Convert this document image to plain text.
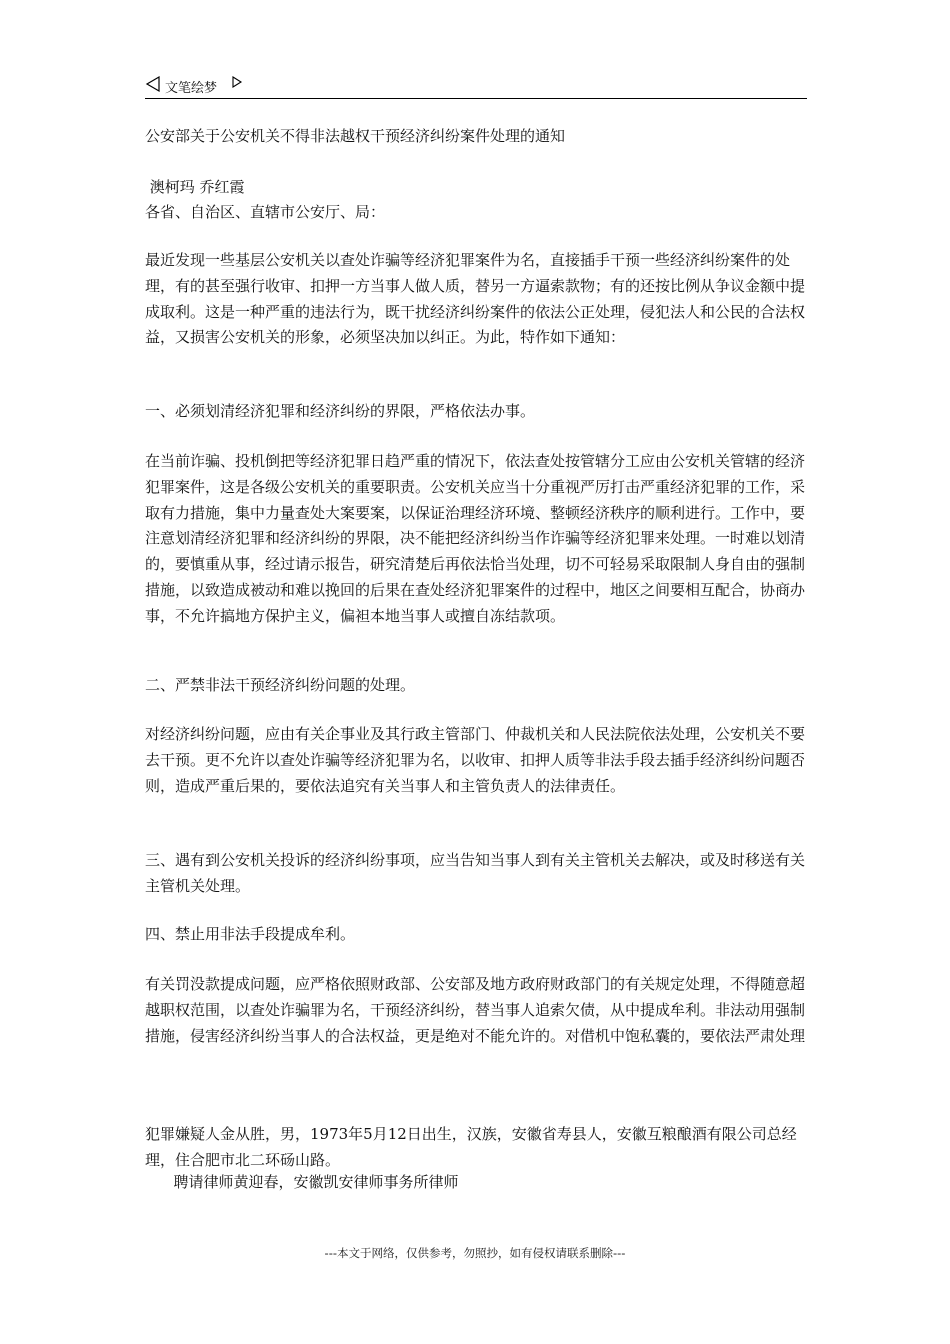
文笔绘梦

公安部关于公安机关不得非法越权干预经济纠纷案件处理的通知

澳柯玛 乔红霞

各省、自治区、直辖市公安厅、局：

最近发现一些基层公安机关以查处诈骗等经济犯罪案件为名，直接插手干预一些经济纠纷案件的处理，有的甚至强行收审、扣押一方当事人做人质，替另一方逼索款物；有的还按比例从争议金额中提成取利。这是一种严重的违法行为，既干扰经济纠纷案件的依法公正处理，侵犯法人和公民的合法权益，又损害公安机关的形象，必须坚决加以纠正。为此，特作如下通知：

一、必须划清经济犯罪和经济纠纷的界限，严格依法办事。

在当前诈骗、投机倒把等经济犯罪日趋严重的情况下，依法查处按管辖分工应由公安机关管辖的经济犯罪案件，这是各级公安机关的重要职责。公安机关应当十分重视严厉打击严重经济犯罪的工作，采取有力措施，集中力量查处大案要案，以保证治理经济环境、整顿经济秩序的顺利进行。工作中，要注意划清经济犯罪和经济纠纷的界限，决不能把经济纠纷当作诈骗等经济犯罪来处理。一时难以划清的，要慎重从事，经过请示报告，研究清楚后再依法恰当处理，切不可轻易采取限制人身自由的强制措施，以致造成被动和难以挽回的后果在查处经济犯罪案件的过程中，地区之间要相互配合，协商办事，不允许搞地方保护主义，偏袒本地当事人或擅自冻结款项。

二、严禁非法干预经济纠纷问题的处理。

对经济纠纷问题，应由有关企事业及其行政主管部门、仲裁机关和人民法院依法处理，公安机关不要去干预。更不允许以查处诈骗等经济犯罪为名，以收审、扣押人质等非法手段去插手经济纠纷问题否则，造成严重后果的，要依法追究有关当事人和主管负责人的法律责任。

三、遇有到公安机关投诉的经济纠纷事项，应当告知当事人到有关主管机关去解决，或及时移送有关主管机关处理。

四、禁止用非法手段提成牟利。

有关罚没款提成问题，应严格依照财政部、公安部及地方政府财政部门的有关规定处理，不得随意超越职权范围，以查处诈骗罪为名，干预经济纠纷，替当事人追索欠债，从中提成牟利。非法动用强制措施，侵害经济纠纷当事人的合法权益，更是绝对不能允许的。对借机中饱私囊的，要依法严肃处理

犯罪嫌疑人金从胜，男，1973年5月12日出生，汉族，安徽省寿县人，安徽互粮酿酒有限公司总经理，住合肥市北二环砀山路。

聘请律师黄迎春，安徽凯安律师事务所律师

---本文于网络，仅供参考，勿照抄，如有侵权请联系删除---
